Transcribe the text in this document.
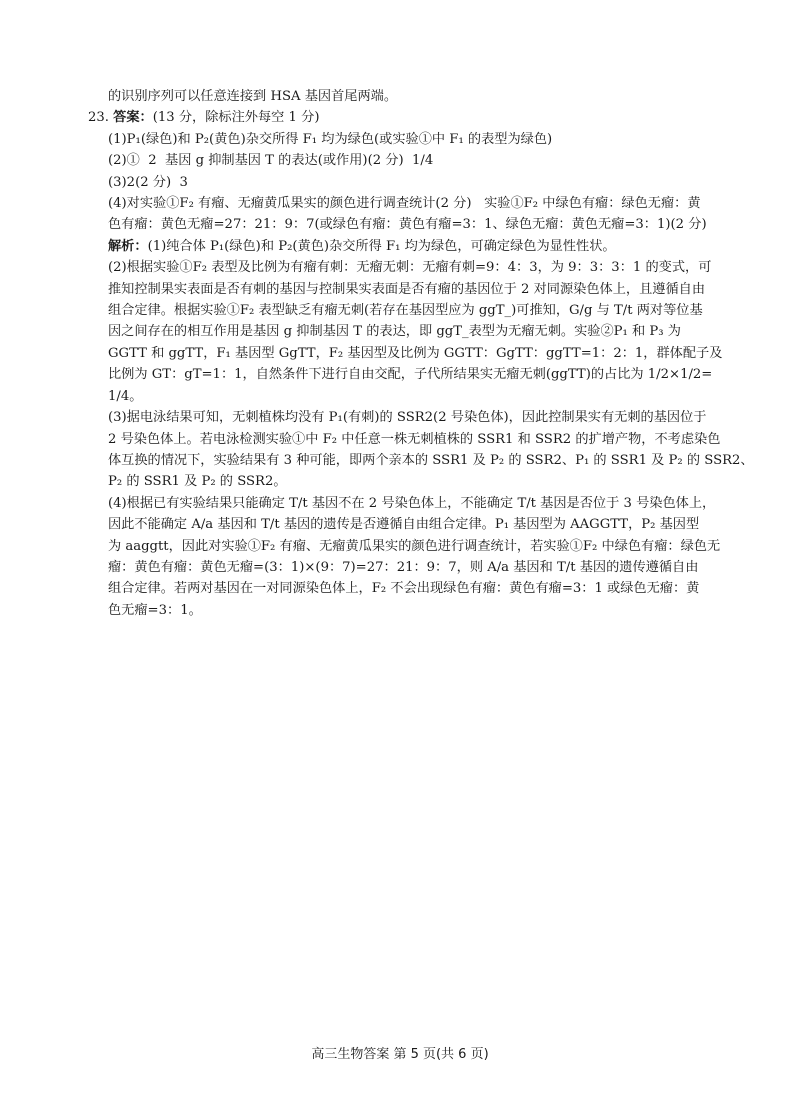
的识别序列可以任意连接到 HSA 基因首尾两端。

23. 答案：(13 分，除标注外每空 1 分)

(1)P₁(绿色)和 P₂(黄色)杂交所得 F₁ 均为绿色(或实验①中 F₁ 的表型为绿色)

(2)①  2  基因 g 抑制基因 T 的表达(或作用)(2 分)  1/4

(3)2(2 分)  3

(4)对实验①F₂ 有瘤、无瘤黄瓜果实的颜色进行调查统计(2 分)   实验①F₂ 中绿色有瘤：绿色无瘤：黄

色有瘤：黄色无瘤=27：21：9：7(或绿色有瘤：黄色有瘤=3：1、绿色无瘤：黄色无瘤=3：1)(2 分)

解析：(1)纯合体 P₁(绿色)和 P₂(黄色)杂交所得 F₁ 均为绿色，可确定绿色为显性性状。

(2)根据实验①F₂ 表型及比例为有瘤有刺：无瘤无刺：无瘤有刺=9：4：3，为 9：3：3：1 的变式，可

推知控制果实表面是否有刺的基因与控制果实表面是否有瘤的基因位于 2 对同源染色体上，且遵循自由

组合定律。根据实验①F₂ 表型缺乏有瘤无刺(若存在基因型应为 ggT_)可推知，G/g 与 T/t 两对等位基

因之间存在的相互作用是基因 g 抑制基因 T 的表达，即 ggT_表型为无瘤无刺。实验②P₁ 和 P₃ 为

GGTT 和 ggTT，F₁ 基因型 GgTT，F₂ 基因型及比例为 GGTT：GgTT：ggTT=1：2：1，群体配子及

比例为 GT：gT=1：1，自然条件下进行自由交配，子代所结果实无瘤无刺(ggTT)的占比为 1/2×1/2=

1/4。

(3)据电泳结果可知，无刺植株均没有 P₁(有刺)的 SSR2(2 号染色体)，因此控制果实有无刺的基因位于

2 号染色体上。若电泳检测实验①中 F₂ 中任意一株无刺植株的 SSR1 和 SSR2 的扩增产物，不考虑染色

体互换的情况下，实验结果有 3 种可能，即两个亲本的 SSR1 及 P₂ 的 SSR2、P₁ 的 SSR1 及 P₂ 的 SSR2、

P₂ 的 SSR1 及 P₂ 的 SSR2。

(4)根据已有实验结果只能确定 T/t 基因不在 2 号染色体上，不能确定 T/t 基因是否位于 3 号染色体上，

因此不能确定 A/a 基因和 T/t 基因的遗传是否遵循自由组合定律。P₁ 基因型为 AAGGTT，P₂ 基因型

为 aaggtt，因此对实验①F₂ 有瘤、无瘤黄瓜果实的颜色进行调查统计，若实验①F₂ 中绿色有瘤：绿色无

瘤：黄色有瘤：黄色无瘤=(3：1)×(9：7)=27：21：9：7，则 A/a 基因和 T/t 基因的遗传遵循自由

组合定律。若两对基因在一对同源染色体上，F₂ 不会出现绿色有瘤：黄色有瘤=3：1 或绿色无瘤：黄

色无瘤=3：1。

高三生物答案 第 5 页(共 6 页)
